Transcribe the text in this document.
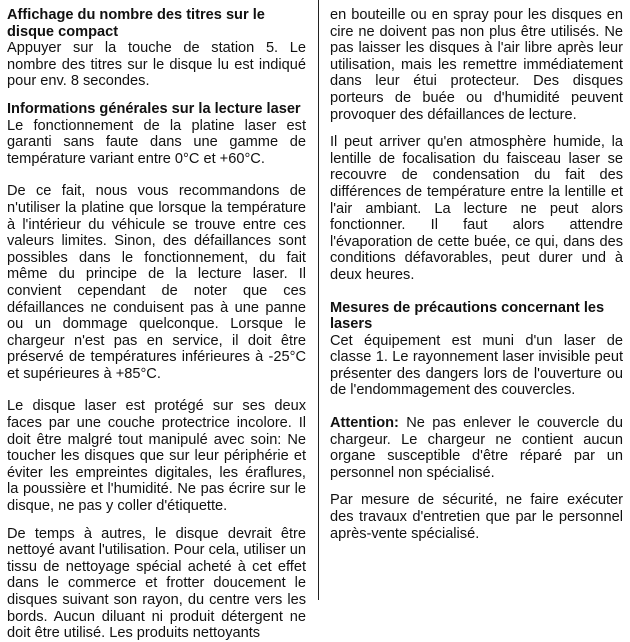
Affichage du nombre des titres sur le disque compact

Appuyer sur la touche de station 5. Le nombre des titres sur le disque lu est indiqué pour env. 8 secondes.

Informations générales sur la lecture laser

Le fonctionnement de la platine laser est garanti sans faute dans une gamme de température variant entre 0°C et +60°C.

De ce fait, nous vous recommandons de n'utiliser la platine que lorsque la température à l'intérieur du véhicule se trouve entre ces valeurs limites. Sinon, des défaillances sont possibles dans le fonctionnement, du fait même du principe de la lecture laser. Il convient cependant de noter que ces défaillances ne conduisent pas à une panne ou un dommage quelconque. Lorsque le chargeur n'est pas en service, il doit être préservé de températures inférieures à -25°C et supérieures à +85°C.

Le disque laser est protégé sur ses deux faces par une couche protectrice incolore. Il doit être malgré tout manipulé avec soin: Ne toucher les disques que sur leur périphérie et éviter les empreintes digitales, les éraflures, la poussière et l'humidité. Ne pas écrire sur le disque, ne pas y coller d'étiquette.

De temps à autres, le disque devrait être nettoyé avant l'utilisation. Pour cela, utiliser un tissu de nettoyage spécial acheté à cet effet dans le commerce et frotter doucement le disques suivant son rayon, du centre vers les bords. Aucun diluant ni produit détergent ne doit être utilisé. Les produits nettoyants

en bouteille ou en spray pour les disques en cire ne doivent pas non plus être utilisés. Ne pas laisser les disques à l'air libre après leur utilisation, mais les remettre immédiatement dans leur étui protecteur. Des disques porteurs de buée ou d'humidité peuvent provoquer des défaillances de lecture.

Il peut arriver qu'en atmosphère humide, la lentille de focalisation du faisceau laser se recouvre de condensation du fait des différences de température entre la lentille et l'air ambiant. La lecture ne peut alors fonctionner. Il faut alors attendre l'évaporation de cette buée, ce qui, dans des conditions défavorables, peut durer und à deux heures.

Mesures de précautions concernant les lasers

Cet équipement est muni d'un laser de classe 1. Le rayonnement laser invisible peut présenter des dangers lors de l'ouverture ou de l'endommagement des couvercles.

Attention: Ne pas enlever le couvercle du chargeur. Le chargeur ne contient aucun organe susceptible d'être réparé par un personnel non spécialisé.

Par mesure de sécurité, ne faire exécuter des travaux d'entretien que par le personnel après-vente spécialisé.
